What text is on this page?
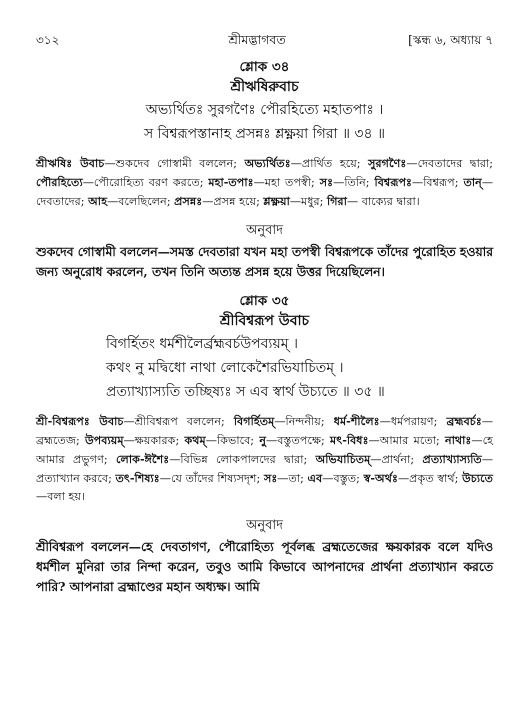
৩১২	শ্রীমদ্ভাগবত	[স্কন্ধ ৬, অধ্যায় ৭
শ্লোক ৩৪
শ্রীঋষিরুবাচ
অভ্যর্থিতঃ সুরগণৈঃ পৌরহিত্যে মহাতপাঃ ।
স বিশ্বরূপস্তানাহ প্রসন্নঃ শ্লক্ষ্ণয়া গিরা ॥ ৩৪ ॥
শ্রীঋষিঃ উবাচ—শুকদেব গোস্বামী বললেন; অভ্যর্থিতঃ—প্রার্থিত হয়ে; সুরগণৈঃ—দেবতাদের দ্বারা; পৌরহিত্যে—পৌরোহিত্য বরণ করতে; মহা-তপাঃ—মহা তপস্বী; সঃ—তিনি; বিশ্বরূপঃ—বিশ্বরূপ; তান্—দেবতাদের; আহ—বলেছিলেন; প্রসন্নঃ—প্রসন্ন হয়ে; শ্লক্ষ্ণয়া—মধুর; গিরা— বাক্যের দ্বারা।
অনুবাদ
শুকদেব গোস্বামী বললেন—সমস্ত দেবতারা যখন মহা তপস্বী বিশ্বরূপকে তাঁদের পুরোহিত হওয়ার জন্য অনুরোধ করলেন, তখন তিনি অত্যন্ত প্রসন্ন হয়ে উত্তর দিয়েছিলেন।
শ্লোক ৩৫
শ্রীবিশ্বরূপ উবাচ
বিগর্হিতং ধর্মশীলৈর্ব্রহ্মবর্চউপব্যয়ম্ ।
কথং নু মদ্বিধো নাথা লোকেশৈরভিযাচিতম্ ।
প্রত্যাখ্যাস্যতি তচ্ছিষ্যঃ স এব স্বার্থ উচ্যতে ॥ ৩৫ ॥
শ্রী-বিশ্বরূপঃ উবাচ—শ্রীবিশ্বরূপ বললেন; বিগর্হিতম্—নিন্দনীয়; ধর্ম-শীলৈঃ—ধর্মপরায়ণ; ব্রহ্মবর্চঃ—ব্রহ্মতেজ; উপব্যয়ম্—ক্ষয়কারক; কথম্—কিভাবে; নু—বস্তুতপক্ষে; মৎ-বিধঃ—আমার মতো; নাথাঃ—হে আমার প্রভুগণ; লোক-ঈশৈঃ—বিভিন্ন লোকপালদের দ্বারা; অভিযাচিতম্—প্রার্থনা; প্রত্যাখ্যাস্যতি—প্রত্যাখ্যান করবে; তৎ-শিষ্যঃ—যে তাঁদের শিষ্যসদৃশ; সঃ—তা; এব—বস্তুত; স্ব-অর্থঃ—প্রকৃত স্বার্থ; উচ্যতে—বলা হয়।
অনুবাদ
শ্রীবিশ্বরূপ বললেন—হে দেবতাগণ, পৌরোহিত্য পূর্বলব্ধ ব্রহ্মতেজের ক্ষয়কারক বলে যদিও ধর্মশীল মুনিরা তার নিন্দা করেন, তবুও আমি কিভাবে আপনাদের প্রার্থনা প্রত্যাখ্যান করতে পারি? আপনারা ব্রহ্মাণ্ডের মহান অধ্যক্ষ। আমি
